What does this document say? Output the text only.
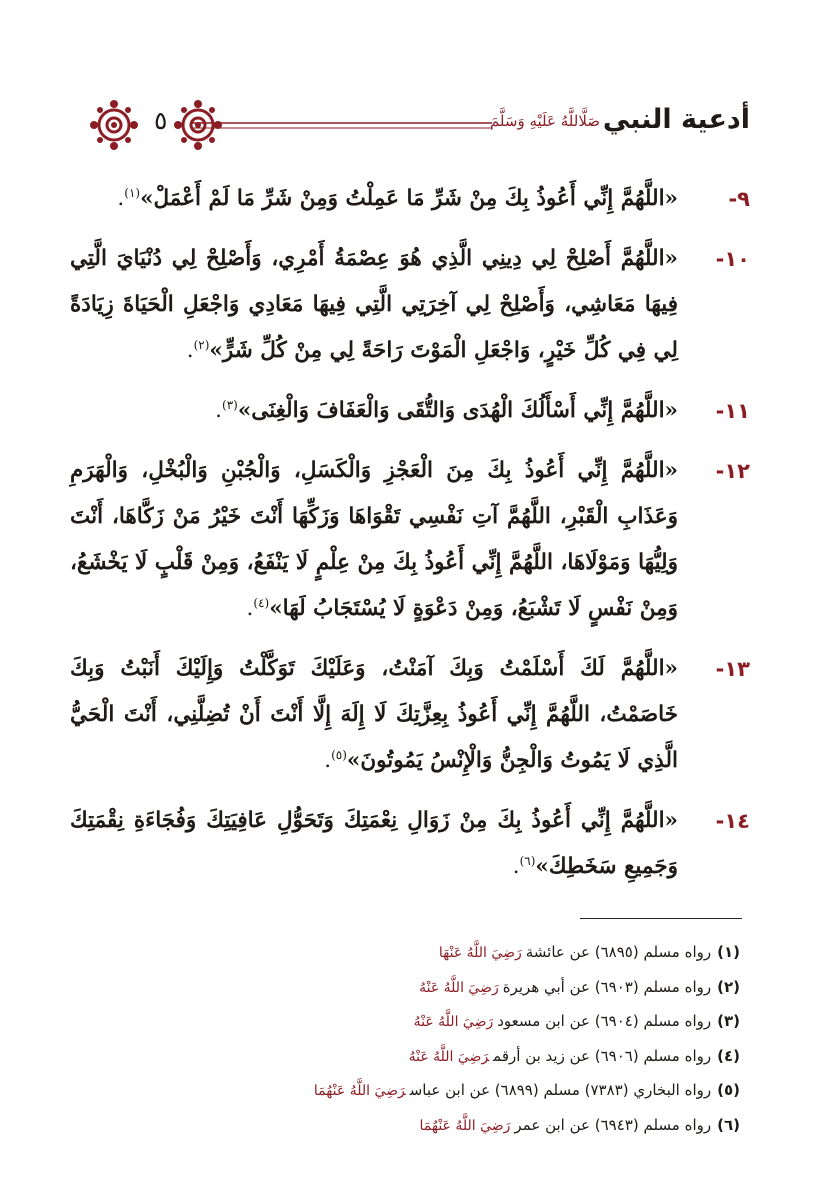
أدعية النبي
صَلَّاللَّهُ عَلَيْهِ وَسَلَّمَ
٥
٩-
«اللَّهُمَّ إِنِّي أَعُوذُ بِكَ مِنْ شَرِّ مَا عَمِلْتُ وَمِنْ شَرِّ مَا لَمْ أَعْمَلْ»$^{(١)}$.
١٠-
«اللَّهُمَّ أَصْلِحْ لِي دِينِي الَّذِي هُوَ عِصْمَةُ أَمْرِي، وَأَصْلِحْ لِي دُنْيَايَ الَّتِي فِيهَا مَعَاشِي، وَأَصْلِحْ لِي آخِرَتِي الَّتِي فِيهَا مَعَادِي وَاجْعَلِ الْحَيَاةَ زِيَادَةً لِي فِي كُلِّ خَيْرٍ، وَاجْعَلِ الْمَوْتَ رَاحَةً لِي مِنْ كُلِّ شَرٍّ»$^{(٢)}$.
١١-
«اللَّهُمَّ إِنِّي أَسْأَلُكَ الْهُدَى وَالتُّقَى وَالْعَفَافَ وَالْغِنَى»$^{(٣)}$.
١٢-
«اللَّهُمَّ إِنِّي أَعُوذُ بِكَ مِنَ الْعَجْزِ وَالْكَسَلِ، وَالْجُبْنِ وَالْبُخْلِ، وَالْهَرَمِ وَعَذَابِ الْقَبْرِ، اللَّهُمَّ آتِ نَفْسِي تَقْوَاهَا وَزَكِّهَا أَنْتَ خَيْرُ مَنْ زَكَّاهَا، أَنْتَ وَلِيُّهَا وَمَوْلَاهَا، اللَّهُمَّ إِنِّي أَعُوذُ بِكَ مِنْ عِلْمٍ لَا يَنْفَعُ، وَمِنْ قَلْبٍ لَا يَخْشَعُ، وَمِنْ نَفْسٍ لَا تَشْبَعُ، وَمِنْ دَعْوَةٍ لَا يُسْتَجَابُ لَهَا»$^{(٤)}$.
١٣-
«اللَّهُمَّ لَكَ أَسْلَمْتُ وَبِكَ آمَنْتُ، وَعَلَيْكَ تَوَكَّلْتُ وَإِلَيْكَ أَنَبْتُ وَبِكَ خَاصَمْتُ، اللَّهُمَّ إِنِّي أَعُوذُ بِعِزَّتِكَ لَا إِلَهَ إِلَّا أَنْتَ أَنْ تُضِلَّنِي، أَنْتَ الْحَيُّ الَّذِي لَا يَمُوتُ وَالْجِنُّ وَالْإِنْسُ يَمُوتُونَ»$^{(٥)}$.
١٤-
«اللَّهُمَّ إِنِّي أَعُوذُ بِكَ مِنْ زَوَالِ نِعْمَتِكَ وَتَحَوُّلِ عَافِيَتِكَ وَفُجَاءَةِ نِقْمَتِكَ وَجَمِيعِ سَخَطِكَ»$^{(٦)}$.
(١)رواه مسلم (٦٨٩٥) عن عائشةرَضِيَ اللَّهُ عَنْهَا
(٢)رواه مسلم (٦٩٠٣) عن أبي هريرةرَضِيَ اللَّهُ عَنْهُ
(٣)رواه مسلم (٦٩٠٤) عن ابن مسعودرَضِيَ اللَّهُ عَنْهُ
(٤)رواه مسلم (٦٩٠٦) عن زيد بن أرقمرَضِيَ اللَّهُ عَنْهُ
(٥)رواه البخاري (٧٣٨٣) مسلم (٦٨٩٩) عن ابن عباسرَضِيَ اللَّهُ عَنْهُمَا
(٦)رواه مسلم (٦٩٤٣) عن ابن عمررَضِيَ اللَّهُ عَنْهُمَا
